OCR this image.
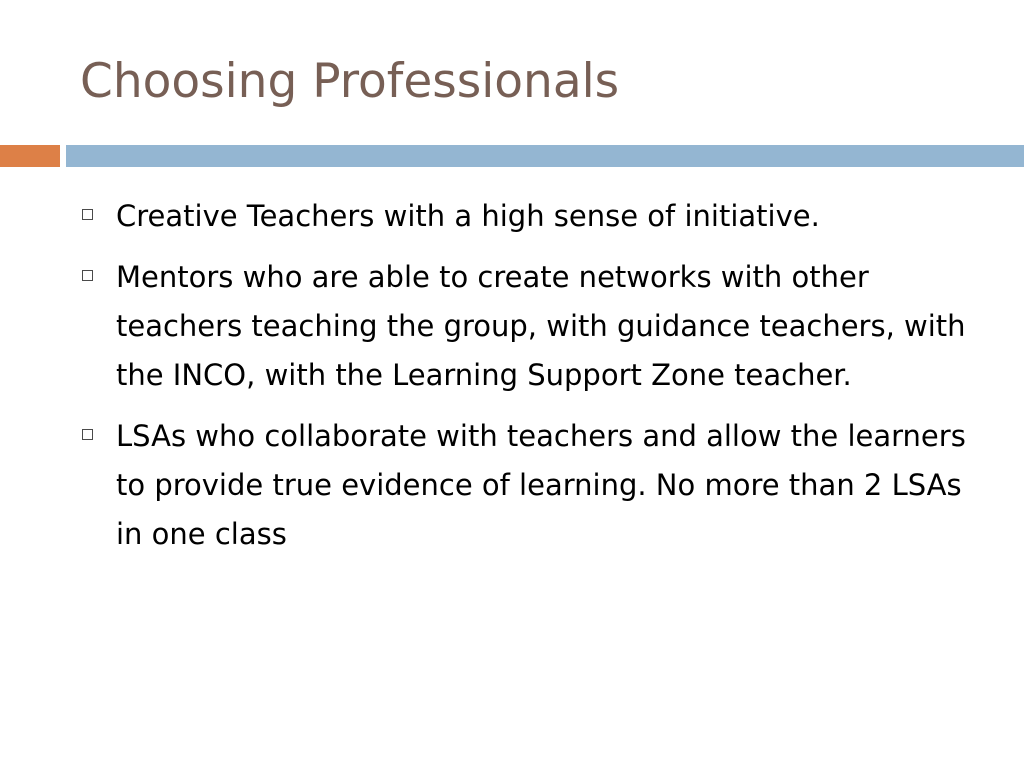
Choosing Professionals
Creative Teachers with a high sense of initiative.
Mentors who are able to create networks with other teachers teaching the group, with guidance teachers, with the INCO, with the Learning Support Zone teacher.
LSAs who collaborate with teachers and allow the learners to provide true evidence of learning. No more than 2 LSAs in one class
